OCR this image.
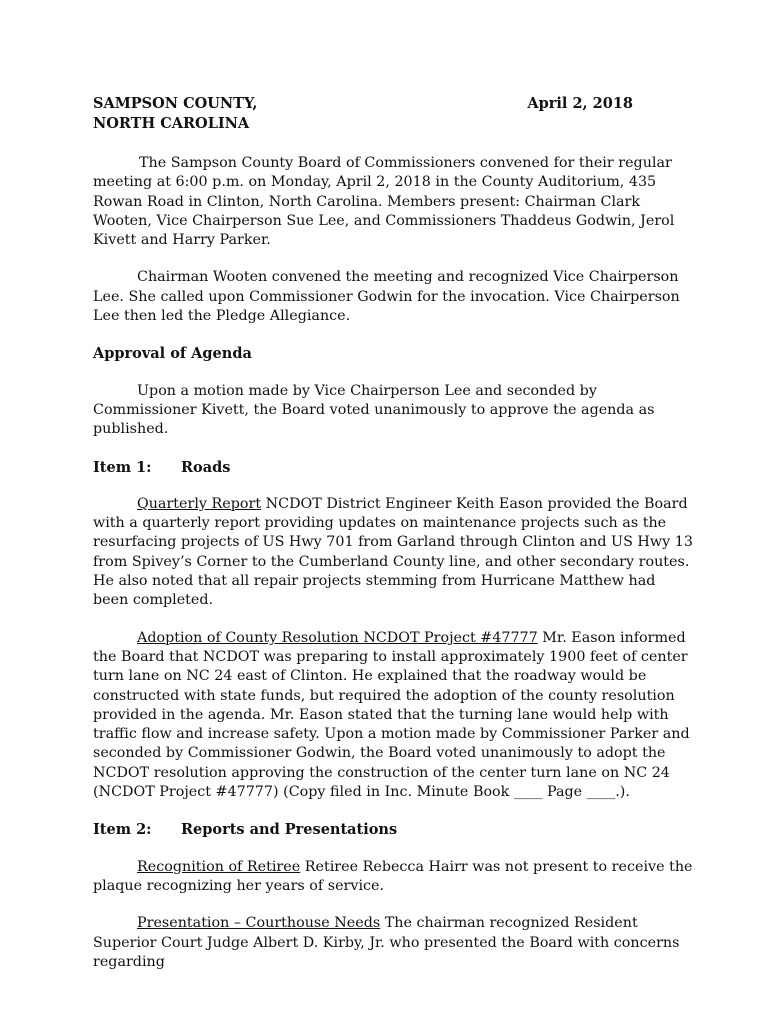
SAMPSON COUNTY,
NORTH CAROLINA
April 2, 2018

The Sampson County Board of Commissioners convened for their regular meeting at 6:00 p.m. on Monday, April 2, 2018 in the County Auditorium, 435 Rowan Road in Clinton, North Carolina. Members present: Chairman Clark Wooten, Vice Chairperson Sue Lee, and Commissioners Thaddeus Godwin, Jerol Kivett and Harry Parker.

Chairman Wooten convened the meeting and recognized Vice Chairperson Lee. She called upon Commissioner Godwin for the invocation. Vice Chairperson Lee then led the Pledge Allegiance.

Approval of Agenda

Upon a motion made by Vice Chairperson Lee and seconded by Commissioner Kivett, the Board voted unanimously to approve the agenda as published.

Item 1:	Roads

Quarterly Report NCDOT District Engineer Keith Eason provided the Board with a quarterly report providing updates on maintenance projects such as the resurfacing projects of US Hwy 701 from Garland through Clinton and US Hwy 13 from Spivey’s Corner to the Cumberland County line, and other secondary routes. He also noted that all repair projects stemming from Hurricane Matthew had been completed.

Adoption of County Resolution NCDOT Project #47777 Mr. Eason informed the Board that NCDOT was preparing to install approximately 1900 feet of center turn lane on NC 24 east of Clinton. He explained that the roadway would be constructed with state funds, but required the adoption of the county resolution provided in the agenda. Mr. Eason stated that the turning lane would help with traffic flow and increase safety. Upon a motion made by Commissioner Parker and seconded by Commissioner Godwin, the Board voted unanimously to adopt the NCDOT resolution approving the construction of the center turn lane on NC 24 (NCDOT Project #47777) (Copy filed in Inc. Minute Book ____ Page ____.).

Item 2:	Reports and Presentations

Recognition of Retiree Retiree Rebecca Hairr was not present to receive the plaque recognizing her years of service.

Presentation – Courthouse Needs The chairman recognized Resident Superior Court Judge Albert D. Kirby, Jr. who presented the Board with concerns regarding
